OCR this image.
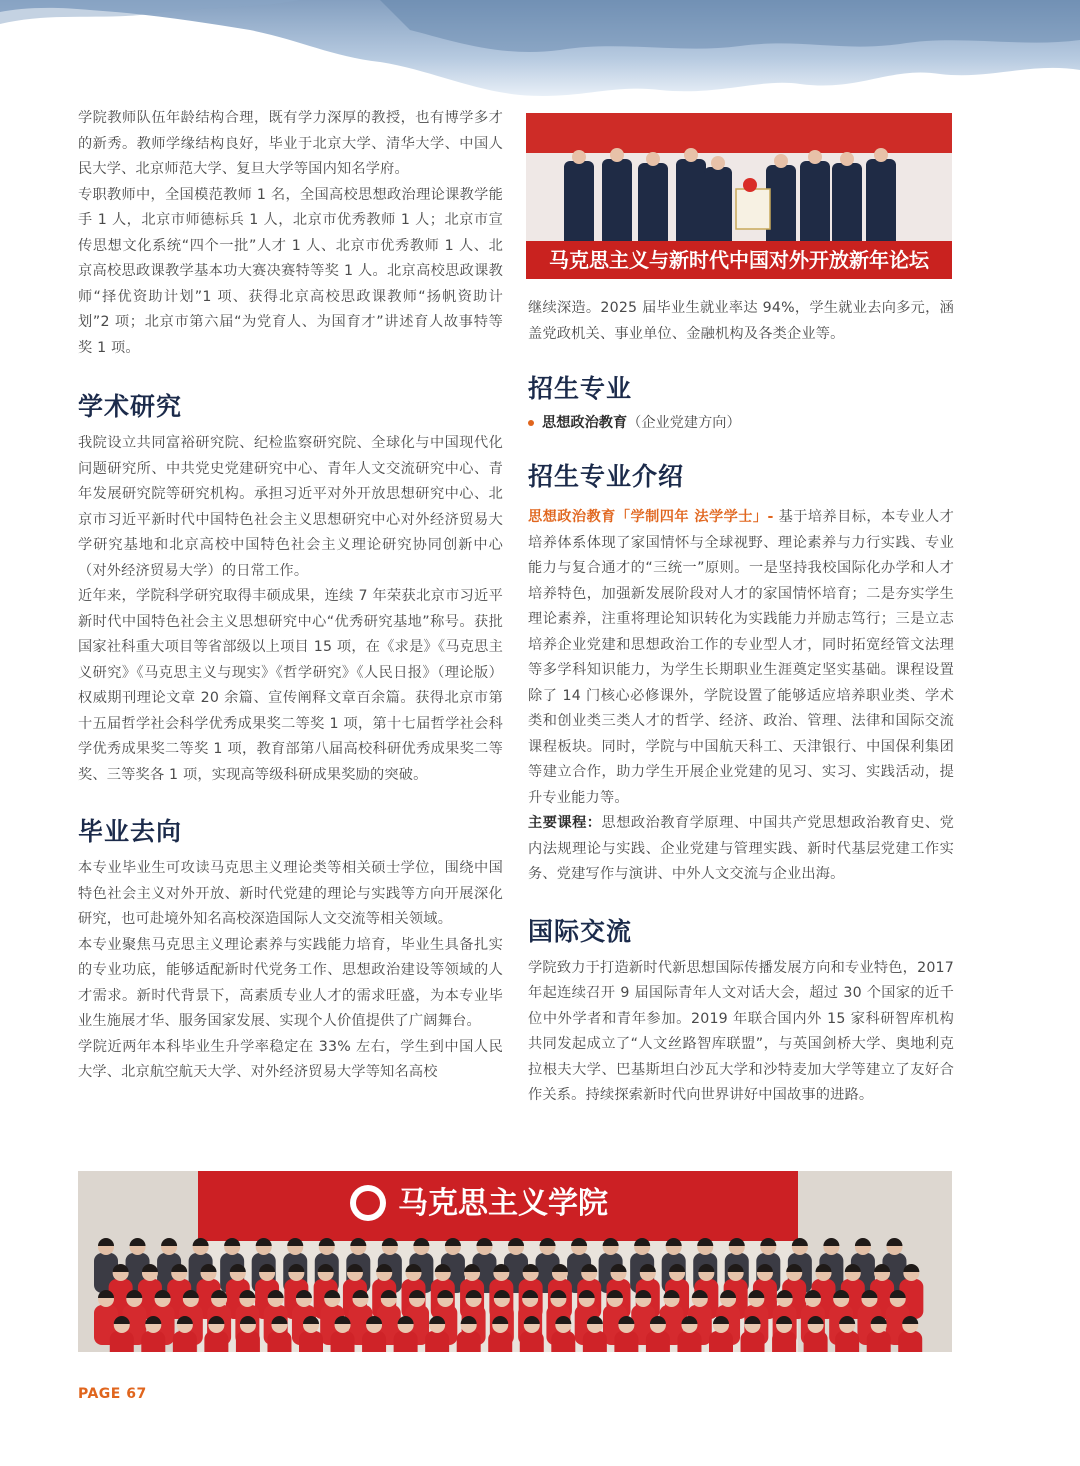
学院教师队伍年龄结构合理，既有学力深厚的教授，也有博学多才的新秀。教师学缘结构良好，毕业于北京大学、清华大学、中国人民大学、北京师范大学、复旦大学等国内知名学府。

专职教师中，全国模范教师 1 名，全国高校思想政治理论课教学能手 1 人，北京市师德标兵 1 人，北京市优秀教师 1 人；北京市宣传思想文化系统“四个一批”人才 1 人、北京市优秀教师 1 人、北京高校思政课教学基本功大赛决赛特等奖 1 人。北京高校思政课教师“择优资助计划”1 项、获得北京高校思政课教师“扬帆资助计划”2 项；北京市第六届“为党育人、为国育才”讲述育人故事特等奖 1 项。

学术研究

我院设立共同富裕研究院、纪检监察研究院、全球化与中国现代化问题研究所、中共党史党建研究中心、青年人文交流研究中心、青年发展研究院等研究机构。承担习近平对外开放思想研究中心、北京市习近平新时代中国特色社会主义思想研究中心对外经济贸易大学研究基地和北京高校中国特色社会主义理论研究协同创新中心（对外经济贸易大学）的日常工作。

近年来，学院科学研究取得丰硕成果，连续 7 年荣获北京市习近平新时代中国特色社会主义思想研究中心“优秀研究基地”称号。获批国家社科重大项目等省部级以上项目 15 项，在《求是》《马克思主义研究》《马克思主义与现实》《哲学研究》《人民日报》（理论版）权威期刊理论文章 20 余篇、宣传阐释文章百余篇。获得北京市第十五届哲学社会科学优秀成果奖二等奖 1 项，第十七届哲学社会科学优秀成果奖二等奖 1 项，教育部第八届高校科研优秀成果奖二等奖、三等奖各 1 项，实现高等级科研成果奖励的突破。

毕业去向

本专业毕业生可攻读马克思主义理论类等相关硕士学位，围绕中国特色社会主义对外开放、新时代党建的理论与实践等方向开展深化研究，也可赴境外知名高校深造国际人文交流等相关领域。

本专业聚焦马克思主义理论素养与实践能力培育，毕业生具备扎实的专业功底，能够适配新时代党务工作、思想政治建设等领域的人才需求。新时代背景下，高素质专业人才的需求旺盛，为本专业毕业生施展才华、服务国家发展、实现个人价值提供了广阔舞台。

学院近两年本科毕业生升学率稳定在 33% 左右，学生到中国人民大学、北京航空航天大学、对外经济贸易大学等知名高校

马克思主义与新时代中国对外开放新年论坛

继续深造。2025 届毕业生就业率达 94%，学生就业去向多元，涵盖党政机关、事业单位、金融机构及各类企业等。

招生专业
思想政治教育 （企业党建方向）
招生专业介绍

思想政治教育「学制四年 法学学士」- 基于培养目标，本专业人才培养体系体现了家国情怀与全球视野、理论素养与力行实践、专业能力与复合通才的“三统一”原则。一是坚持我校国际化办学和人才培养特色，加强新发展阶段对人才的家国情怀培育；二是夯实学生理论素养，注重将理论知识转化为实践能力并励志笃行；三是立志培养企业党建和思想政治工作的专业型人才，同时拓宽经管文法理等多学科知识能力，为学生长期职业生涯奠定坚实基础。课程设置除了 14 门核心必修课外，学院设置了能够适应培养职业类、学术类和创业类三类人才的哲学、经济、政治、管理、法律和国际交流课程板块。同时，学院与中国航天科工、天津银行、中国保利集团等建立合作，助力学生开展企业党建的见习、实习、实践活动，提升专业能力等。

主要课程：思想政治教育学原理、中国共产党思想政治教育史、党内法规理论与实践、企业党建与管理实践、新时代基层党建工作实务、党建写作与演讲、中外人文交流与企业出海。

国际交流

学院致力于打造新时代新思想国际传播发展方向和专业特色，2017 年起连续召开 9 届国际青年人文对话大会，超过 30 个国家的近千位中外学者和青年参加。2019 年联合国内外 15 家科研智库机构共同发起成立了“人文丝路智库联盟”，与英国剑桥大学、奥地利克拉根夫大学、巴基斯坦白沙瓦大学和沙特麦加大学等建立了友好合作关系。持续探索新时代向世界讲好中国故事的进路。

马克思主义学院
PAGE 67
